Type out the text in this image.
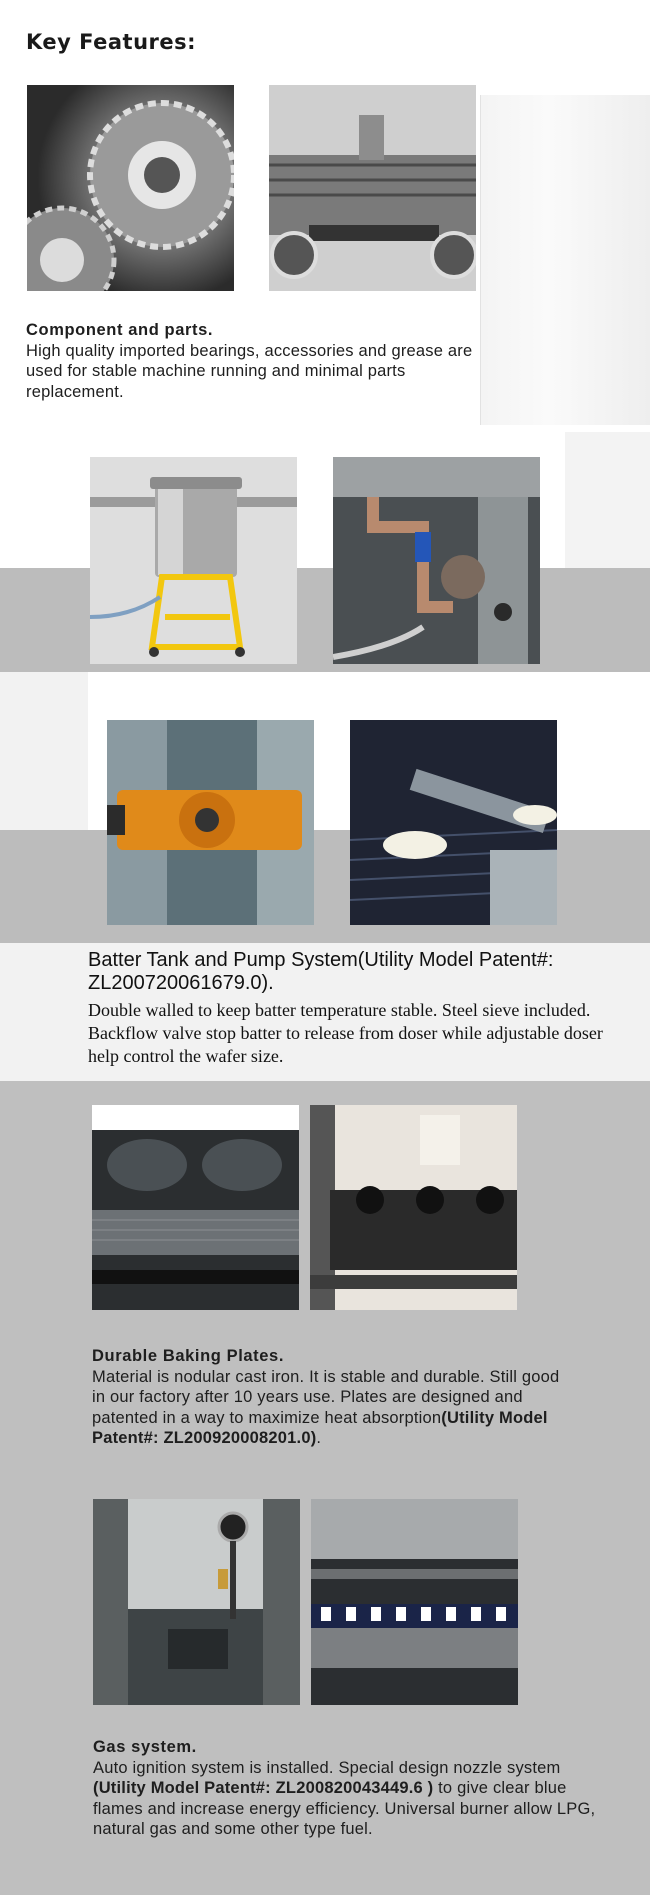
Key Features:
Component and parts.
High quality imported bearings, accessories and grease are used for stable machine running and minimal parts replacement.
Batter Tank and Pump System(Utility Model Patent#: ZL200720061679.0).
Double walled to keep batter temperature stable. Steel sieve included. Backflow valve stop batter to release from doser while adjustable doser help control the wafer size.
Durable Baking Plates.
Material is nodular cast iron. It is stable and durable. Still good in our factory after 10 years use. Plates are designed and patented in a way to maximize heat absorption(Utility Model Patent#: ZL200920008201.0).
Gas system.
Auto ignition system is installed. Special design nozzle system (Utility Model Patent#: ZL200820043449.6 ) to give clear blue flames and increase energy efficiency. Universal burner allow LPG, natural gas and some other type fuel.
